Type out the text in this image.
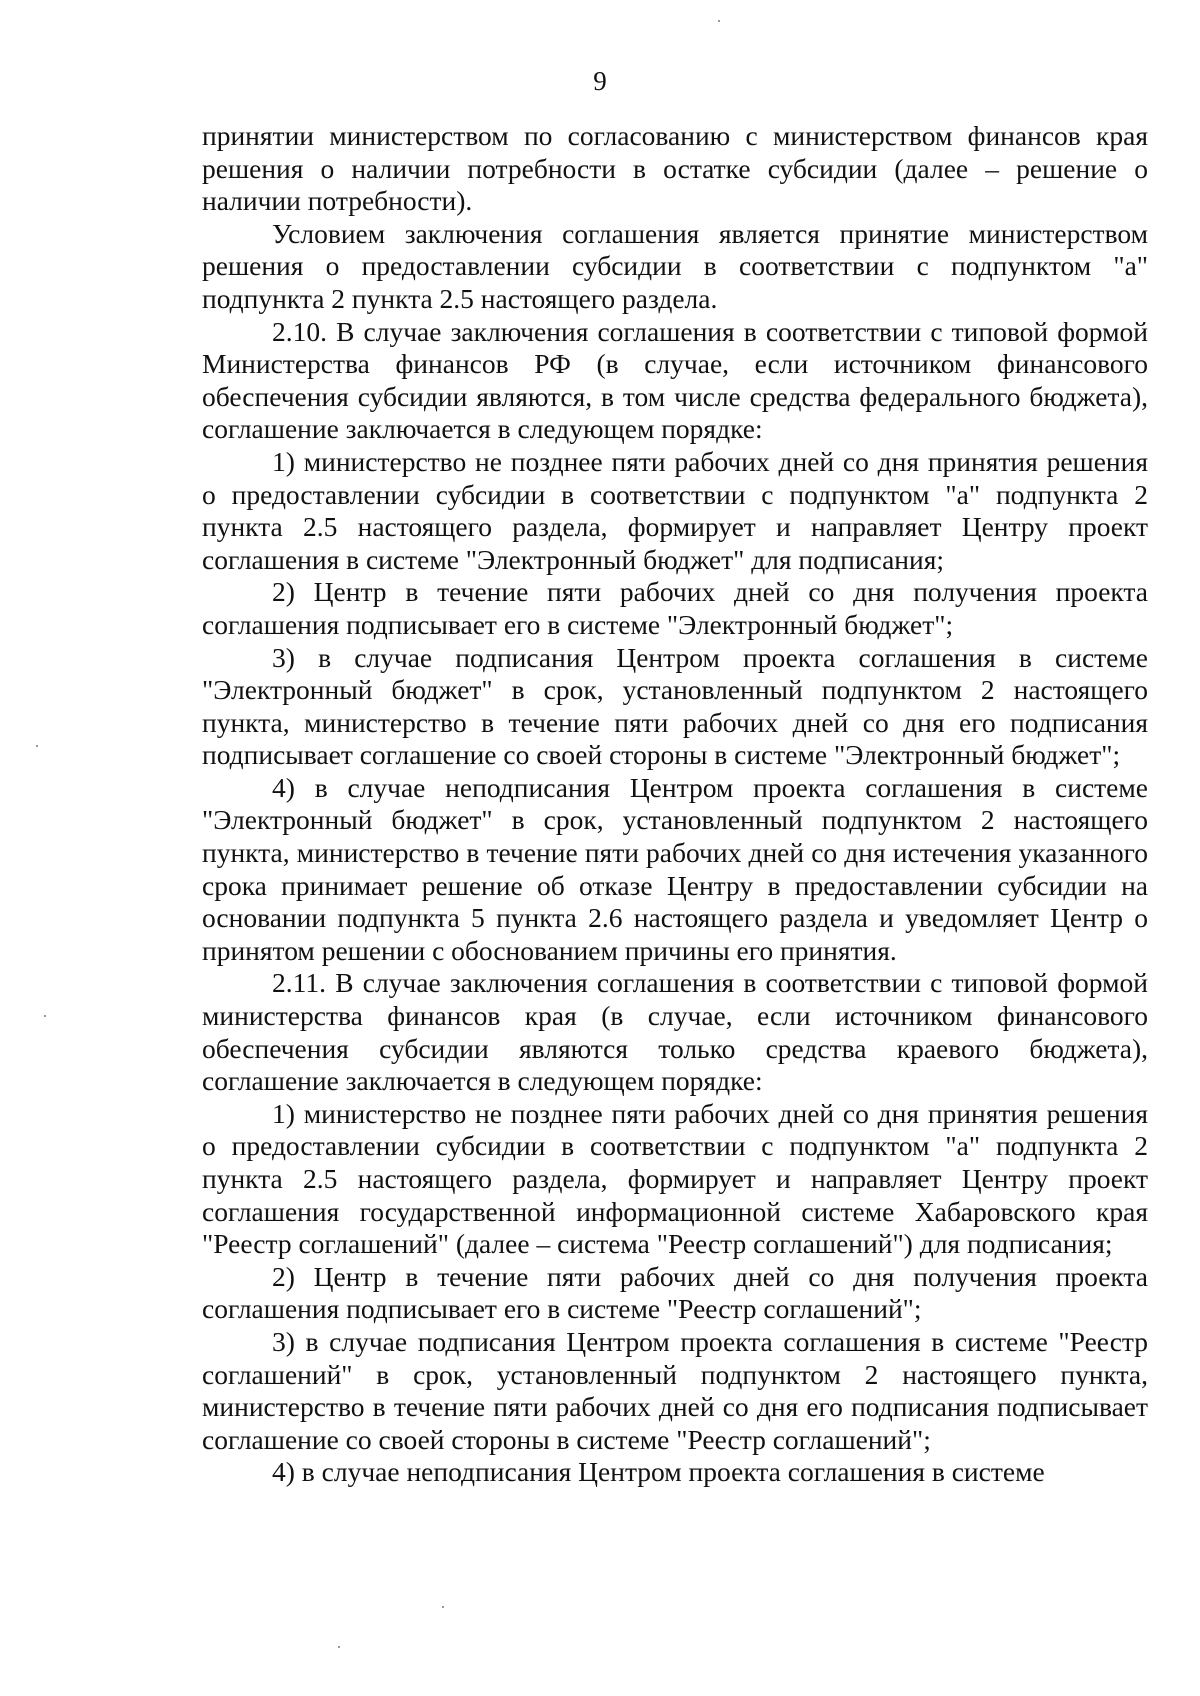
9

принятии министерством по согласованию с министерством финансов края решения о наличии потребности в остатке субсидии (далее – решение о наличии потребности).

Условием заключения соглашения является принятие министерством решения о предоставлении субсидии в соответствии с подпунктом "а" подпункта 2 пункта 2.5 настоящего раздела.

2.10. В случае заключения соглашения в соответствии с типовой формой Министерства финансов РФ (в случае, если источником финансового обеспечения субсидии являются, в том числе средства федерального бюджета), соглашение заключается в следующем порядке:

1) министерство не позднее пяти рабочих дней со дня принятия решения о предоставлении субсидии в соответствии с подпунктом "а" подпункта 2 пункта 2.5 настоящего раздела, формирует и направляет Центру проект соглашения в системе "Электронный бюджет" для подписания;

2) Центр в течение пяти рабочих дней со дня получения проекта соглашения подписывает его в системе "Электронный бюджет";

3) в случае подписания Центром проекта соглашения в системе "Электронный бюджет" в срок, установленный подпунктом 2 настоящего пункта, министерство в течение пяти рабочих дней со дня его подписания подписывает соглашение со своей стороны в системе "Электронный бюджет";

4) в случае неподписания Центром проекта соглашения в системе "Электронный бюджет" в срок, установленный подпунктом 2 настоящего пункта, министерство в течение пяти рабочих дней со дня истечения указанного срока принимает решение об отказе Центру в предоставлении субсидии на основании подпункта 5 пункта 2.6 настоящего раздела и уведомляет Центр о принятом решении с обоснованием причины его принятия.

2.11. В случае заключения соглашения в соответствии с типовой формой министерства финансов края (в случае, если источником финансового обеспечения субсидии являются только средства краевого бюджета), соглашение заключается в следующем порядке:

1) министерство не позднее пяти рабочих дней со дня принятия решения о предоставлении субсидии в соответствии с подпунктом "а" подпункта 2 пункта 2.5 настоящего раздела, формирует и направляет Центру проект соглашения государственной информационной системе Хабаровского края "Реестр соглашений" (далее – система "Реестр соглашений") для подписания;

2) Центр в течение пяти рабочих дней со дня получения проекта соглашения подписывает его в системе "Реестр соглашений";

3) в случае подписания Центром проекта соглашения в системе "Реестр соглашений" в срок, установленный подпунктом 2 настоящего пункта, министерство в течение пяти рабочих дней со дня его подписания подписывает соглашение со своей стороны в системе "Реестр соглашений";

4) в случае неподписания Центром проекта соглашения в системе
